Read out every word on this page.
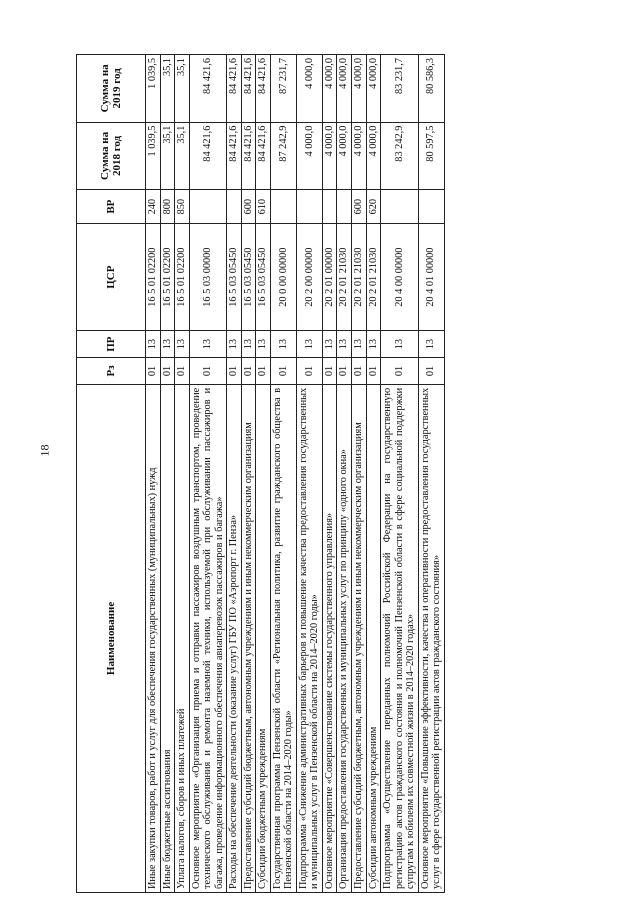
18
Наименование	Рз	ПР	ЦСР	ВР	Сумма на 2018 год	Сумма на 2019 год
Иные закупки товаров, работ и услуг для обеспечения государственных (муниципальных) нужд	01	13	16 5 01 02200	240	1 039,5	1 039,5
Иные бюджетные ассигнования	01	13	16 5 01 02200	800	35,1	35,1
Уплата налогов, сборов и иных платежей	01	13	16 5 01 02200	850	35,1	35,1
Основное мероприятие «Организация приема и отправки пассажиров воздушным транспортом, проведение технического обслуживания и ремонта наземной техники, используемой при обслуживании пассажиров и багажа, проведение информационного обеспечения авиаперевозок пассажиров и багажа»	01	13	16 5 03 00000		84 421,6	84 421,6
Расходы на обеспечение деятельности (оказание услуг) ГБУ ПО «Аэропорт г. Пенза»	01	13	16 5 03 05450		84 421,6	84 421,6
Предоставление субсидий бюджетным, автономным учреждениям и иным некоммерческим организациям	01	13	16 5 03 05450	600	84 421,6	84 421,6
Субсидии бюджетным учреждениям	01	13	16 5 03 05450	610	84 421,6	84 421,6
Государственная программа Пензенской области «Региональная политика, развитие гражданского общества в Пензенской области на 2014–2020 годы»	01	13	20 0 00 00000		87 242,9	87 231,7
Подпрограмма «Снижение административных барьеров и повышение качества предоставления государственных и муниципальных услуг в Пензенской области на 2014–2020 годы»	01	13	20 2 00 00000		4 000,0	4 000,0
Основное мероприятие «Совершенствование системы государственного управления»	01	13	20 2 01 00000		4 000,0	4 000,0
Организация предоставления государственных и муниципальных услуг по принципу «одного окна»	01	13	20 2 01 21030		4 000,0	4 000,0
Предоставление субсидий бюджетным, автономным учреждениям и иным некоммерческим организациям	01	13	20 2 01 21030	600	4 000,0	4 000,0
Субсидии автономным учреждениям	01	13	20 2 01 21030	620	4 000,0	4 000,0
Подпрограмма «Осуществление переданных полномочий Российской Федерации на государственную регистрацию актов гражданского состояния и полномочий Пензенской области в сфере социальной поддержки супругам к юбилеям их совместной жизни в 2014–2020 годах»	01	13	20 4 00 00000		83 242,9	83 231,7
Основное мероприятие «Повышение эффективности, качества и оперативности предоставления государственных услуг в сфере государственной регистрации актов гражданского состояния»	01	13	20 4 01 00000		80 597,5	80 586,3
